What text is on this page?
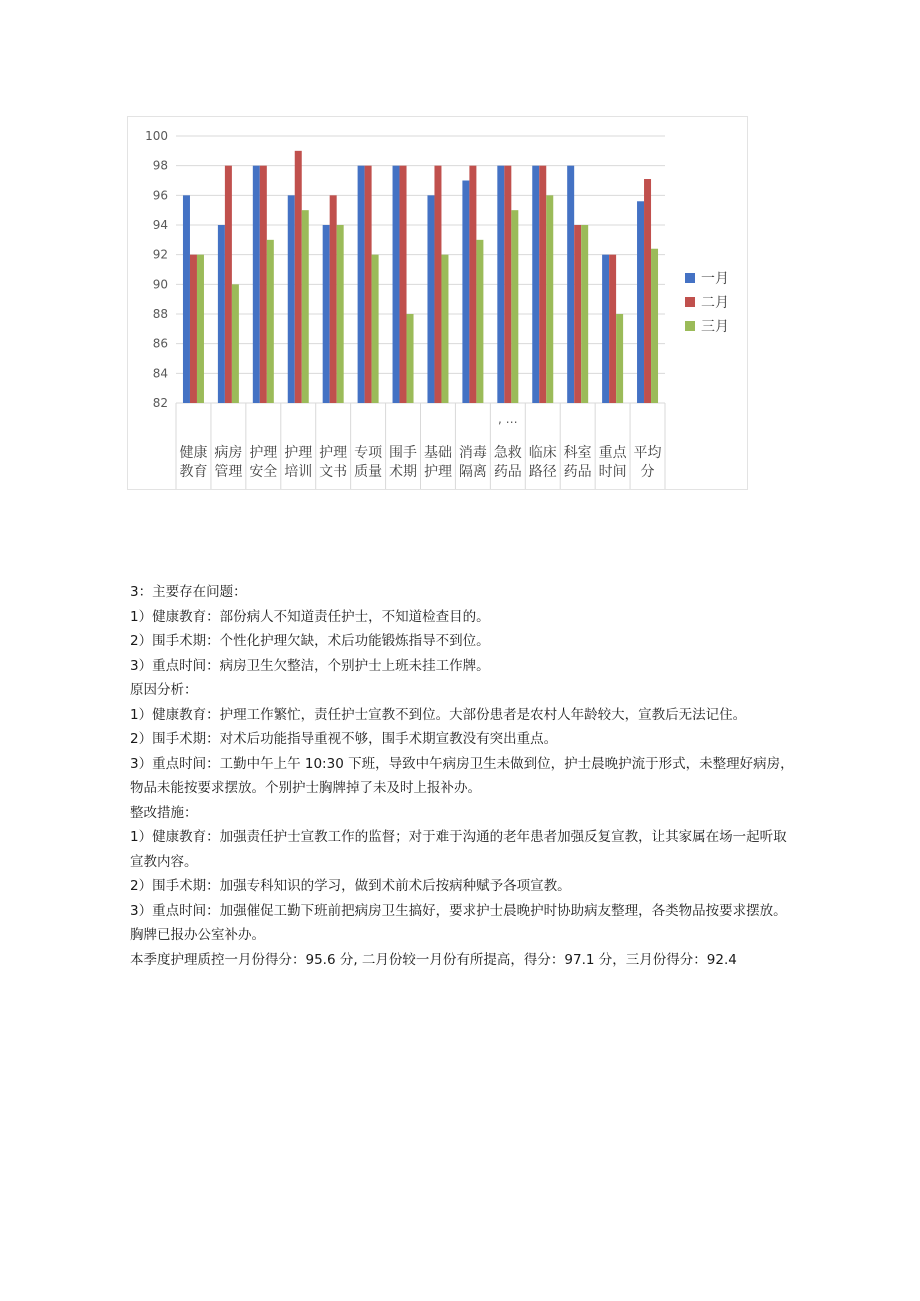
82
84
86
88
90
92
94
96
98
100
健康
教育
病房
管理
护理
安全
护理
培训
护理
文书
专项
质量
围手
术期
基础
护理
消毒
隔离
急救
药品
临床
路径
科室
药品
重点
时间
平均
分
, …
一月
二月
三月

3：主要存在问题：

1）健康教育：部份病人不知道责任护士，不知道检查目的。

2）围手术期：个性化护理欠缺，术后功能锻炼指导不到位。

3）重点时间：病房卫生欠整洁，个别护士上班未挂工作牌。

原因分析：

1）健康教育：护理工作繁忙，责任护士宣教不到位。大部份患者是农村人年龄较大，宣教后无法记住。

2）围手术期：对术后功能指导重视不够，围手术期宣教没有突出重点。

3）重点时间：工勤中午上午 10:30 下班，导致中午病房卫生未做到位，护士晨晚护流于形式，未整理好病房，物品未能按要求摆放。个别护士胸牌掉了未及时上报补办。

整改措施：

1）健康教育：加强责任护士宣教工作的监督；对于难于沟通的老年患者加强反复宣教，让其家属在场一起听取宣教内容。

2）围手术期：加强专科知识的学习，做到术前术后按病种赋予各项宣教。

3）重点时间：加强催促工勤下班前把病房卫生搞好，要求护士晨晚护时协助病友整理，各类物品按要求摆放。胸牌已报办公室补办。

本季度护理质控一月份得分：95.6 分, 二月份较一月份有所提高，得分：97.1 分，三月份得分：92.4
